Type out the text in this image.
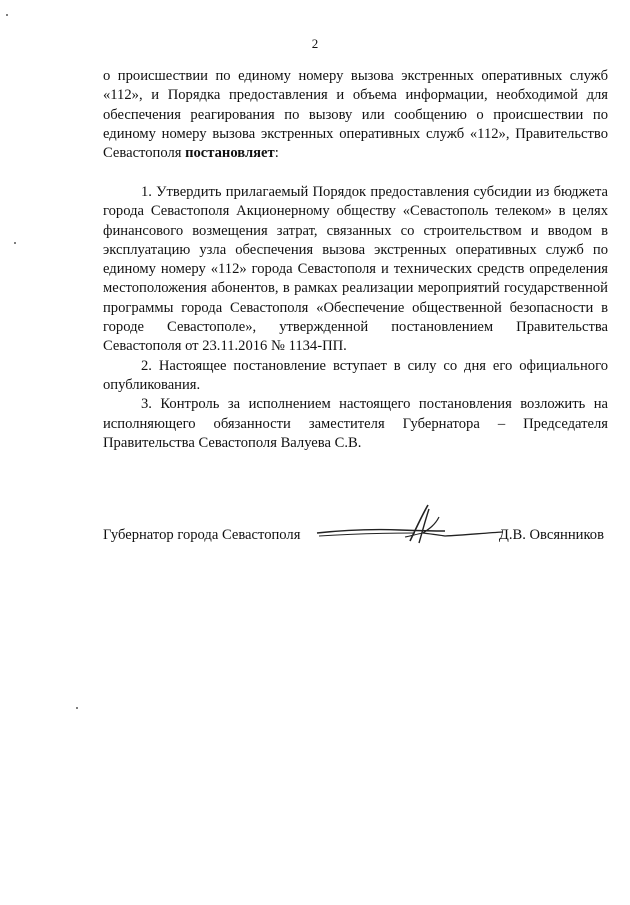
2
о происшествии по единому номеру вызова экстренных оперативных служб «112», и Порядка предоставления и объема информации, необходимой для обеспечения реагирования по вызову или сообщению о происшествии по единому номеру вызова экстренных оперативных служб «112», Правительство Севастополя постановляет:

1. Утвердить прилагаемый Порядок предоставления субсидии из бюджета города Севастополя Акционерному обществу «Севастополь телеком» в целях финансового возмещения затрат, связанных со строительством и вводом в эксплуатацию узла обеспечения вызова экстренных оперативных служб по единому номеру «112» города Севастополя и технических средств определения местоположения абонентов, в рамках реализации мероприятий государственной программы города Севастополя «Обеспечение общественной безопасности в городе Севастополе», утвержденной постановлением Правительства Севастополя от 23.11.2016 № 1134-ПП.

2. Настоящее постановление вступает в силу со дня его официального опубликования.

3. Контроль за исполнением настоящего постановления возложить на исполняющего обязанности заместителя Губернатора – Председателя Правительства Севастополя Валуева С.В.

Губернатор города Севастополя	Д.В. Овсянников
